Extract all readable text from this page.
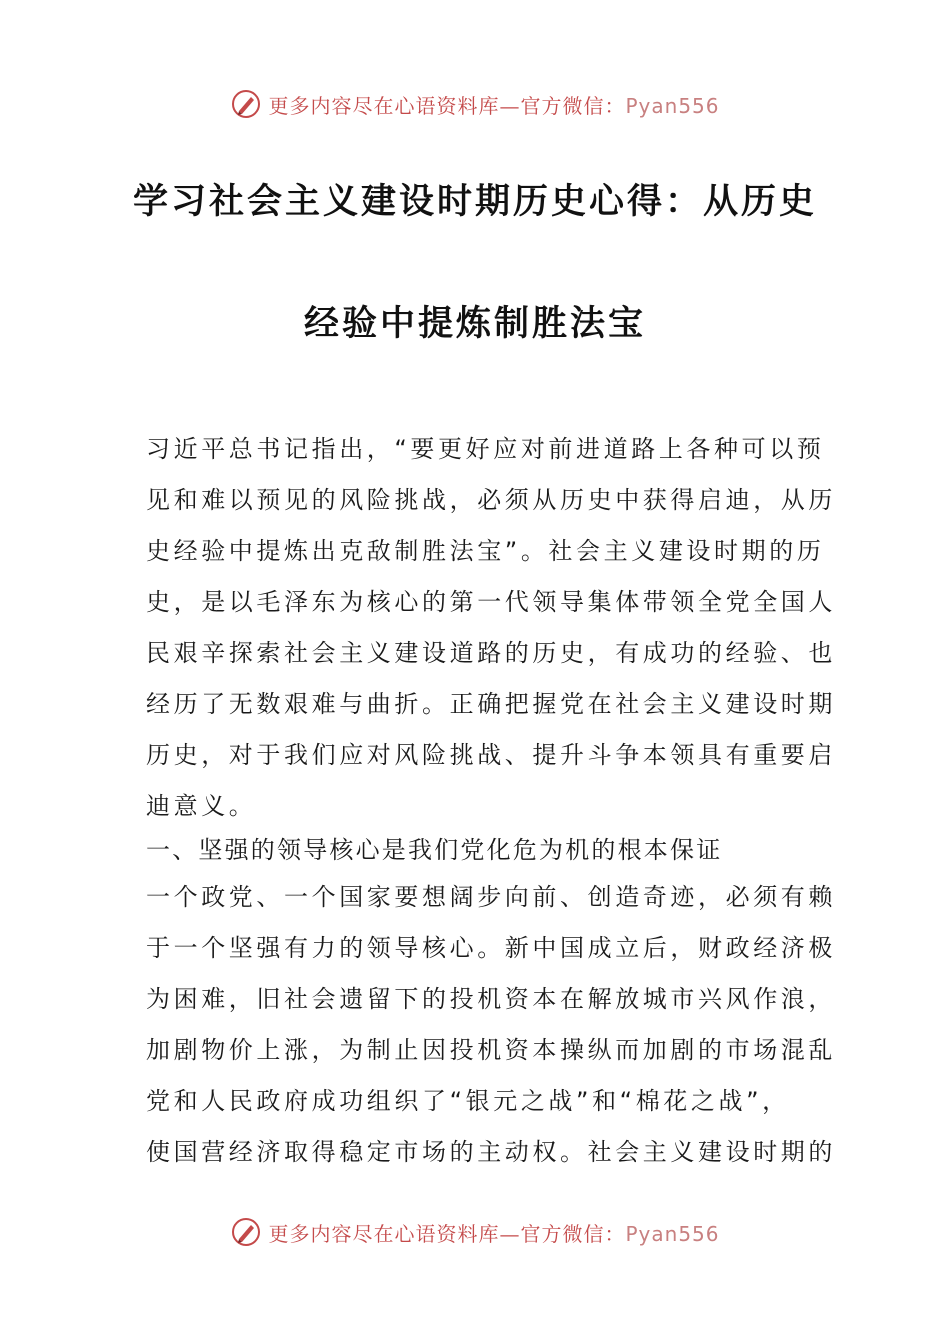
更多内容尽在心语资料库—官方微信：Pyan556
学习社会主义建设时期历史心得：从历史
经验中提炼制胜法宝
习近平总书记指出，“要更好应对前进道路上各种可以预
见和难以预见的风险挑战，必须从历史中获得启迪，从历
史经验中提炼出克敌制胜法宝”。社会主义建设时期的历
史，是以毛泽东为核心的第一代领导集体带领全党全国人
民艰辛探索社会主义建设道路的历史，有成功的经验、也
经历了无数艰难与曲折。正确把握党在社会主义建设时期
历史，对于我们应对风险挑战、提升斗争本领具有重要启
迪意义。
一、坚强的领导核心是我们党化危为机的根本保证
一个政党、一个国家要想阔步向前、创造奇迹，必须有赖
于一个坚强有力的领导核心。新中国成立后，财政经济极
为困难，旧社会遗留下的投机资本在解放城市兴风作浪，
加剧物价上涨，为制止因投机资本操纵而加剧的市场混乱
党和人民政府成功组织了“银元之战”和“棉花之战”，
使国营经济取得稳定市场的主动权。社会主义建设时期的
更多内容尽在心语资料库—官方微信：Pyan556
